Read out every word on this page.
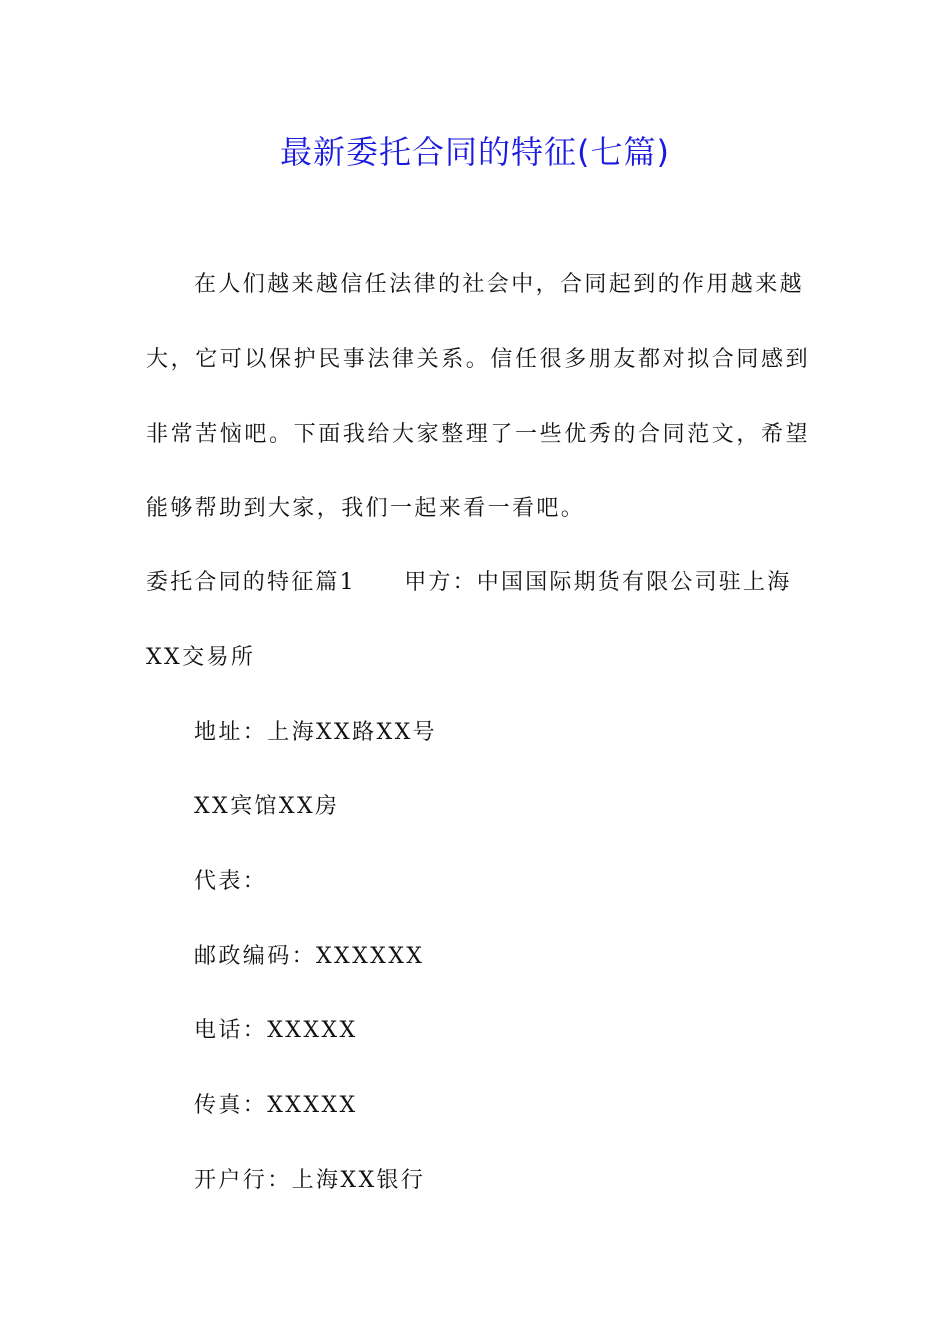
最新委托合同的特征(七篇)
在人们越来越信任法律的社会中，合同起到的作用越来越
大，它可以保护民事法律关系。信任很多朋友都对拟合同感到
非常苦恼吧。下面我给大家整理了一些优秀的合同范文，希望
能够帮助到大家，我们一起来看一看吧。
委托合同的特征篇1　　甲方：中国国际期货有限公司驻上海
XX交易所
地址：上海XX路XX号
XX宾馆XX房
代表：
邮政编码：XXXXXX
电话：XXXXX
传真：XXXXX
开户行：上海XX银行
